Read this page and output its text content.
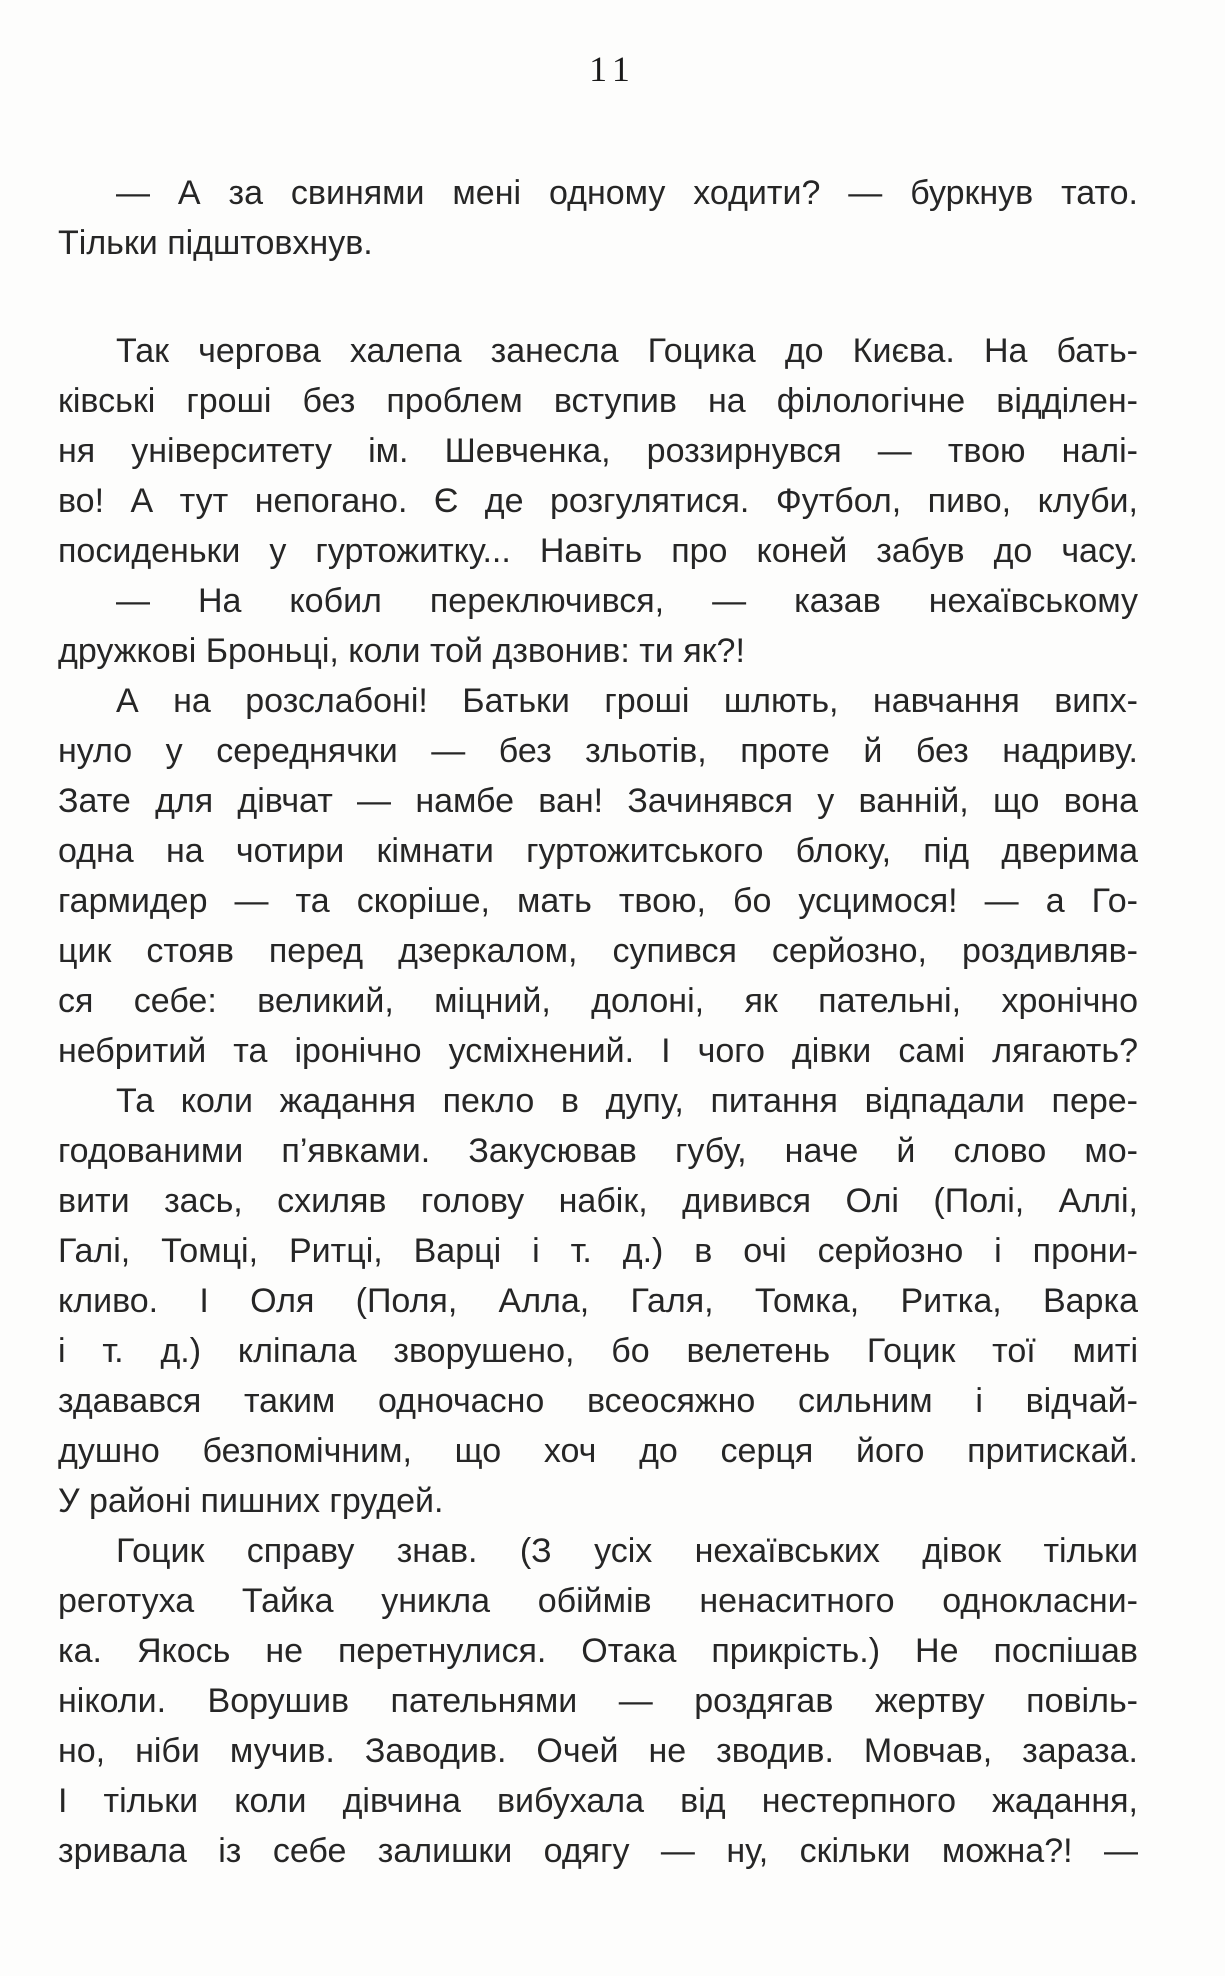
11
— А за свинями мені одному ходити? — буркнув тато.
Тільки підштовхнув.
Так чергова халепа занесла Гоцика до Києва. На бать-
ківські гроші без проблем вступив на філологічне відділен-
ня університету ім. Шевченка, роззирнувся — твою налі-
во! А тут непогано. Є де розгулятися. Футбол, пиво, клуби,
посиденьки у гуртожитку... Навіть про коней забув до часу.
— На кобил переключився, — казав нехаївському
дружкові Броньці, коли той дзвонив: ти як?!
А на розслабоні! Батьки гроші шлють, навчання випх-
нуло у середнячки — без зльотів, проте й без надриву.
Зате для дівчат — намбе ван! Зачинявся у ванній, що вона
одна на чотири кімнати гуртожитського блоку, під дверима
гармидер — та скоріше, мать твою, бо усцимося! — а Го-
цик стояв перед дзеркалом, супився серйозно, роздивляв-
ся себе: великий, міцний, долоні, як пательні, хронічно
небритий та іронічно усміхнений. І чого дівки самі лягають?
Та коли жадання пекло в дупу, питання відпадали пере-
годованими п’явками. Закусював губу, наче й слово мо-
вити зась, схиляв голову набік, дивився Олі (Полі, Аллі,
Галі, Томці, Ритці, Варці і т. д.) в очі серйозно і прони-
кливо. І Оля (Поля, Алла, Галя, Томка, Ритка, Варка
і т. д.) кліпала зворушено, бо велетень Гоцик тої миті
здавався таким одночасно всеосяжно сильним і відчай-
душно безпомічним, що хоч до серця його притискай.
У районі пишних грудей.
Гоцик справу знав. (З усіх нехаївських дівок тільки
реготуха Тайка уникла обіймів ненаситного однокласни-
ка. Якось не перетнулися. Отака прикрість.) Не поспішав
ніколи. Ворушив пательнями — роздягав жертву повіль-
но, ніби мучив. Заводив. Очей не зводив. Мовчав, зараза.
І тільки коли дівчина вибухала від нестерпного жадання,
зривала із себе залишки одягу — ну, скільки можна?! —
